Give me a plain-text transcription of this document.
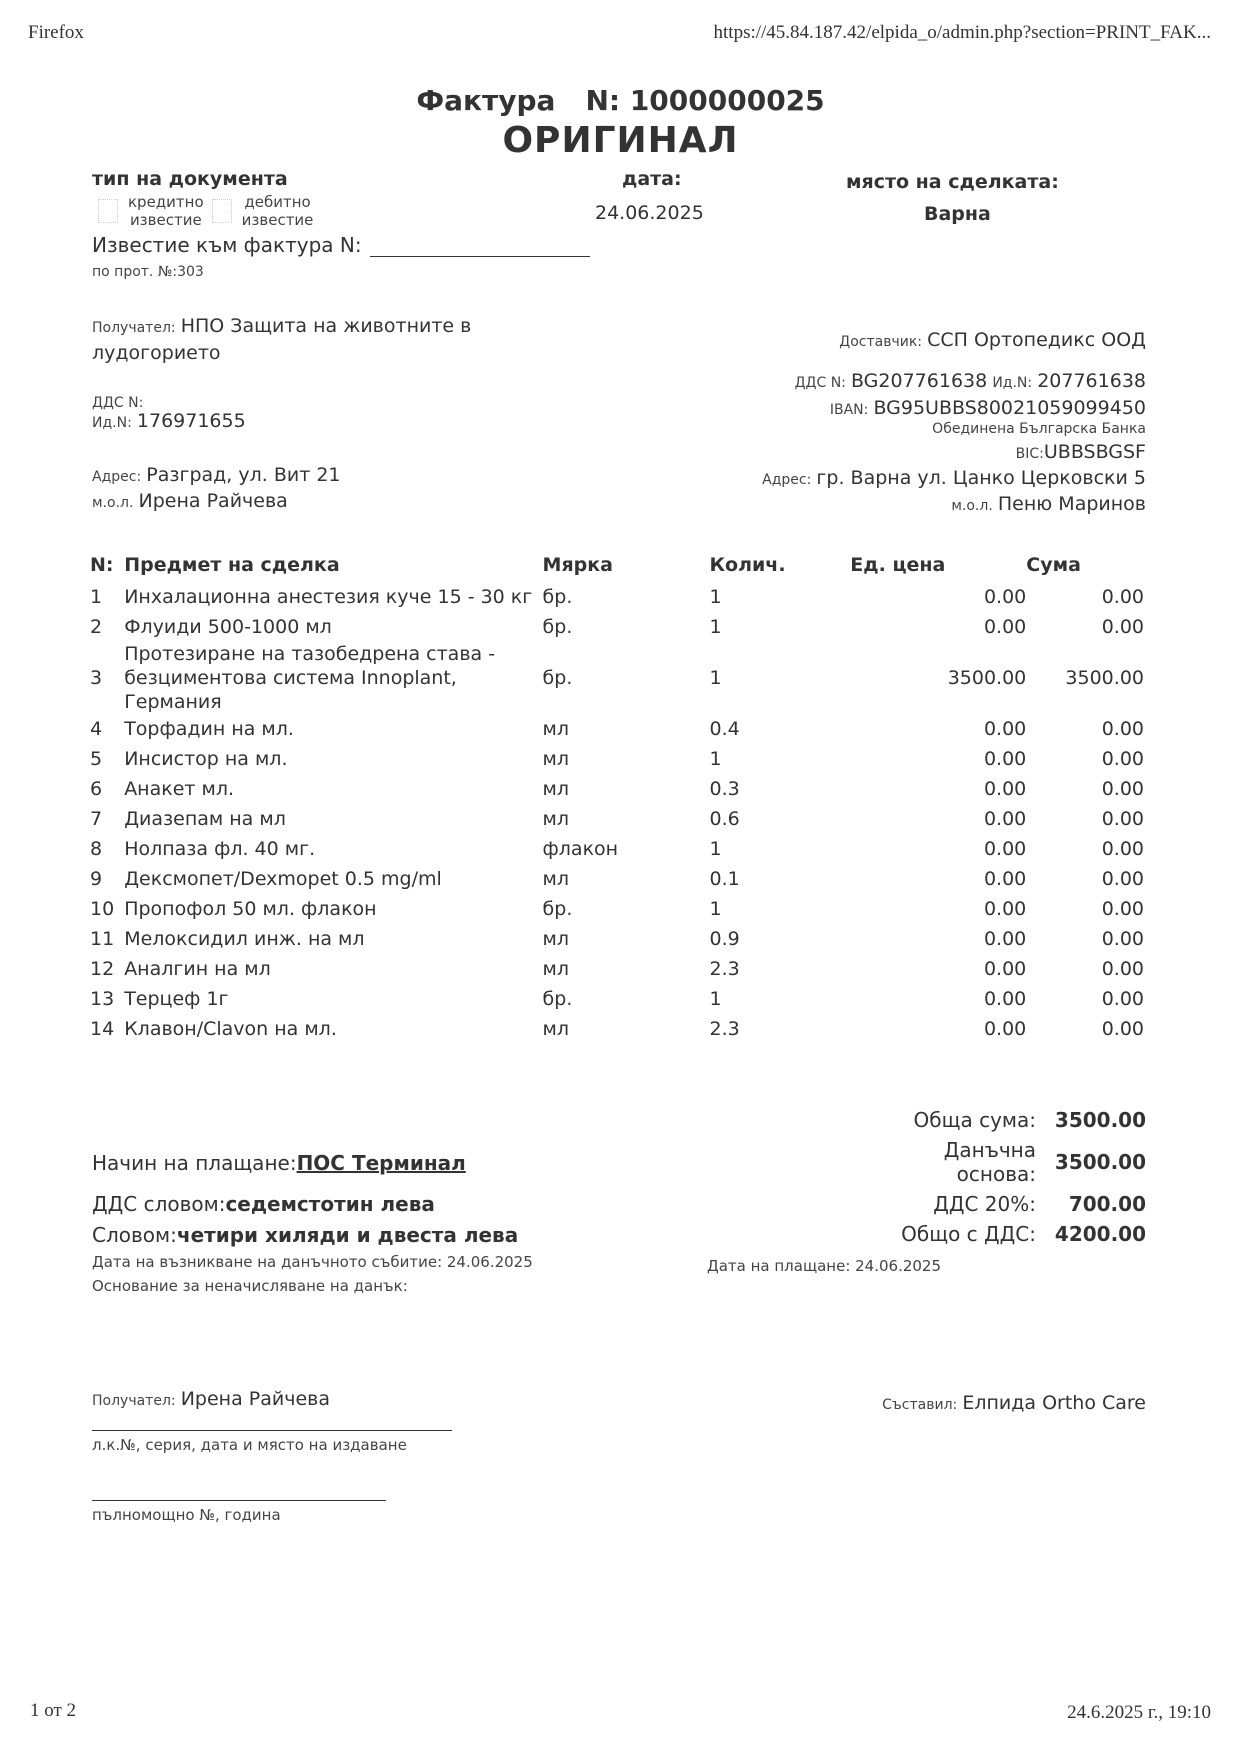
Firefox	https://45.84.187.42/elpida_o/admin.php?section=PRINT_FAK...
Фактура N: 1000000025
ОРИГИНАЛ
тип на документа
кредитно
известие
дебитно
известие
Известие към фактура N:
по прот. №:303
дата:
24.06.2025
място на сделката:
Варна
Получател: НПО Защита на животните в лудогорието
ДДС N:
Ид.N: 176971655
Адрес: Разград, ул. Вит 21
м.о.л. Ирена Райчева
Доставчик: ССП Ортопедикс ООД
ДДС N: BG207761638 Ид.N: 207761638
IBAN: BG95UBBS80021059099450
Обединена Българска Банка
BIC:UBBSBGSF
Адрес: гр. Варна ул. Цанко Церковски 5
м.о.л. Пеню Маринов
N:	Предмет на сделка	Мярка	Колич.	Ед. цена	Сума
1	Инхалационна анестезия куче 15 - 30 кг	бр.	1	0.00	0.00
2	Флуиди 500-1000 мл	бр.	1	0.00	0.00
3	Протезиране на тазобедрена става - безциментова система Innoplant, Германия	бр.	1	3500.00	3500.00
4	Торфадин на мл.	мл	0.4	0.00	0.00
5	Инсистор на мл.	мл	1	0.00	0.00
6	Анакет мл.	мл	0.3	0.00	0.00
7	Диазепам на мл	мл	0.6	0.00	0.00
8	Нолпаза фл. 40 мг.	флакон	1	0.00	0.00
9	Дексмопет/Dexmopet 0.5 mg/ml	мл	0.1	0.00	0.00
10	Пропофол 50 мл. флакон	бр.	1	0.00	0.00
11	Мелоксидил инж. на мл	мл	0.9	0.00	0.00
12	Аналгин на мл	мл	2.3	0.00	0.00
13	Терцеф 1г	бр.	1	0.00	0.00
14	Клавон/Clavon на мл.	мл	2.3	0.00	0.00
Обща сума: 3500.00
Данъчна
основа: 3500.00
ДДС 20%:	700.00
Общо с ДДС: 4200.00
Начин на плащане:ПОС Терминал
ДДС словом:седемстотин лева
Словом:четири хиляди и двеста лева
Дата на възникване на данъчното събитие: 24.06.2025
Основание за неначисляване на данък:
Дата на плащане: 24.06.2025
Получател: Ирена Райчева
л.к.№, серия, дата и място на издаване
пълномощно №, година
Съставил: Елпида Ortho Care
1 от 2	24.6.2025 г., 19:10
